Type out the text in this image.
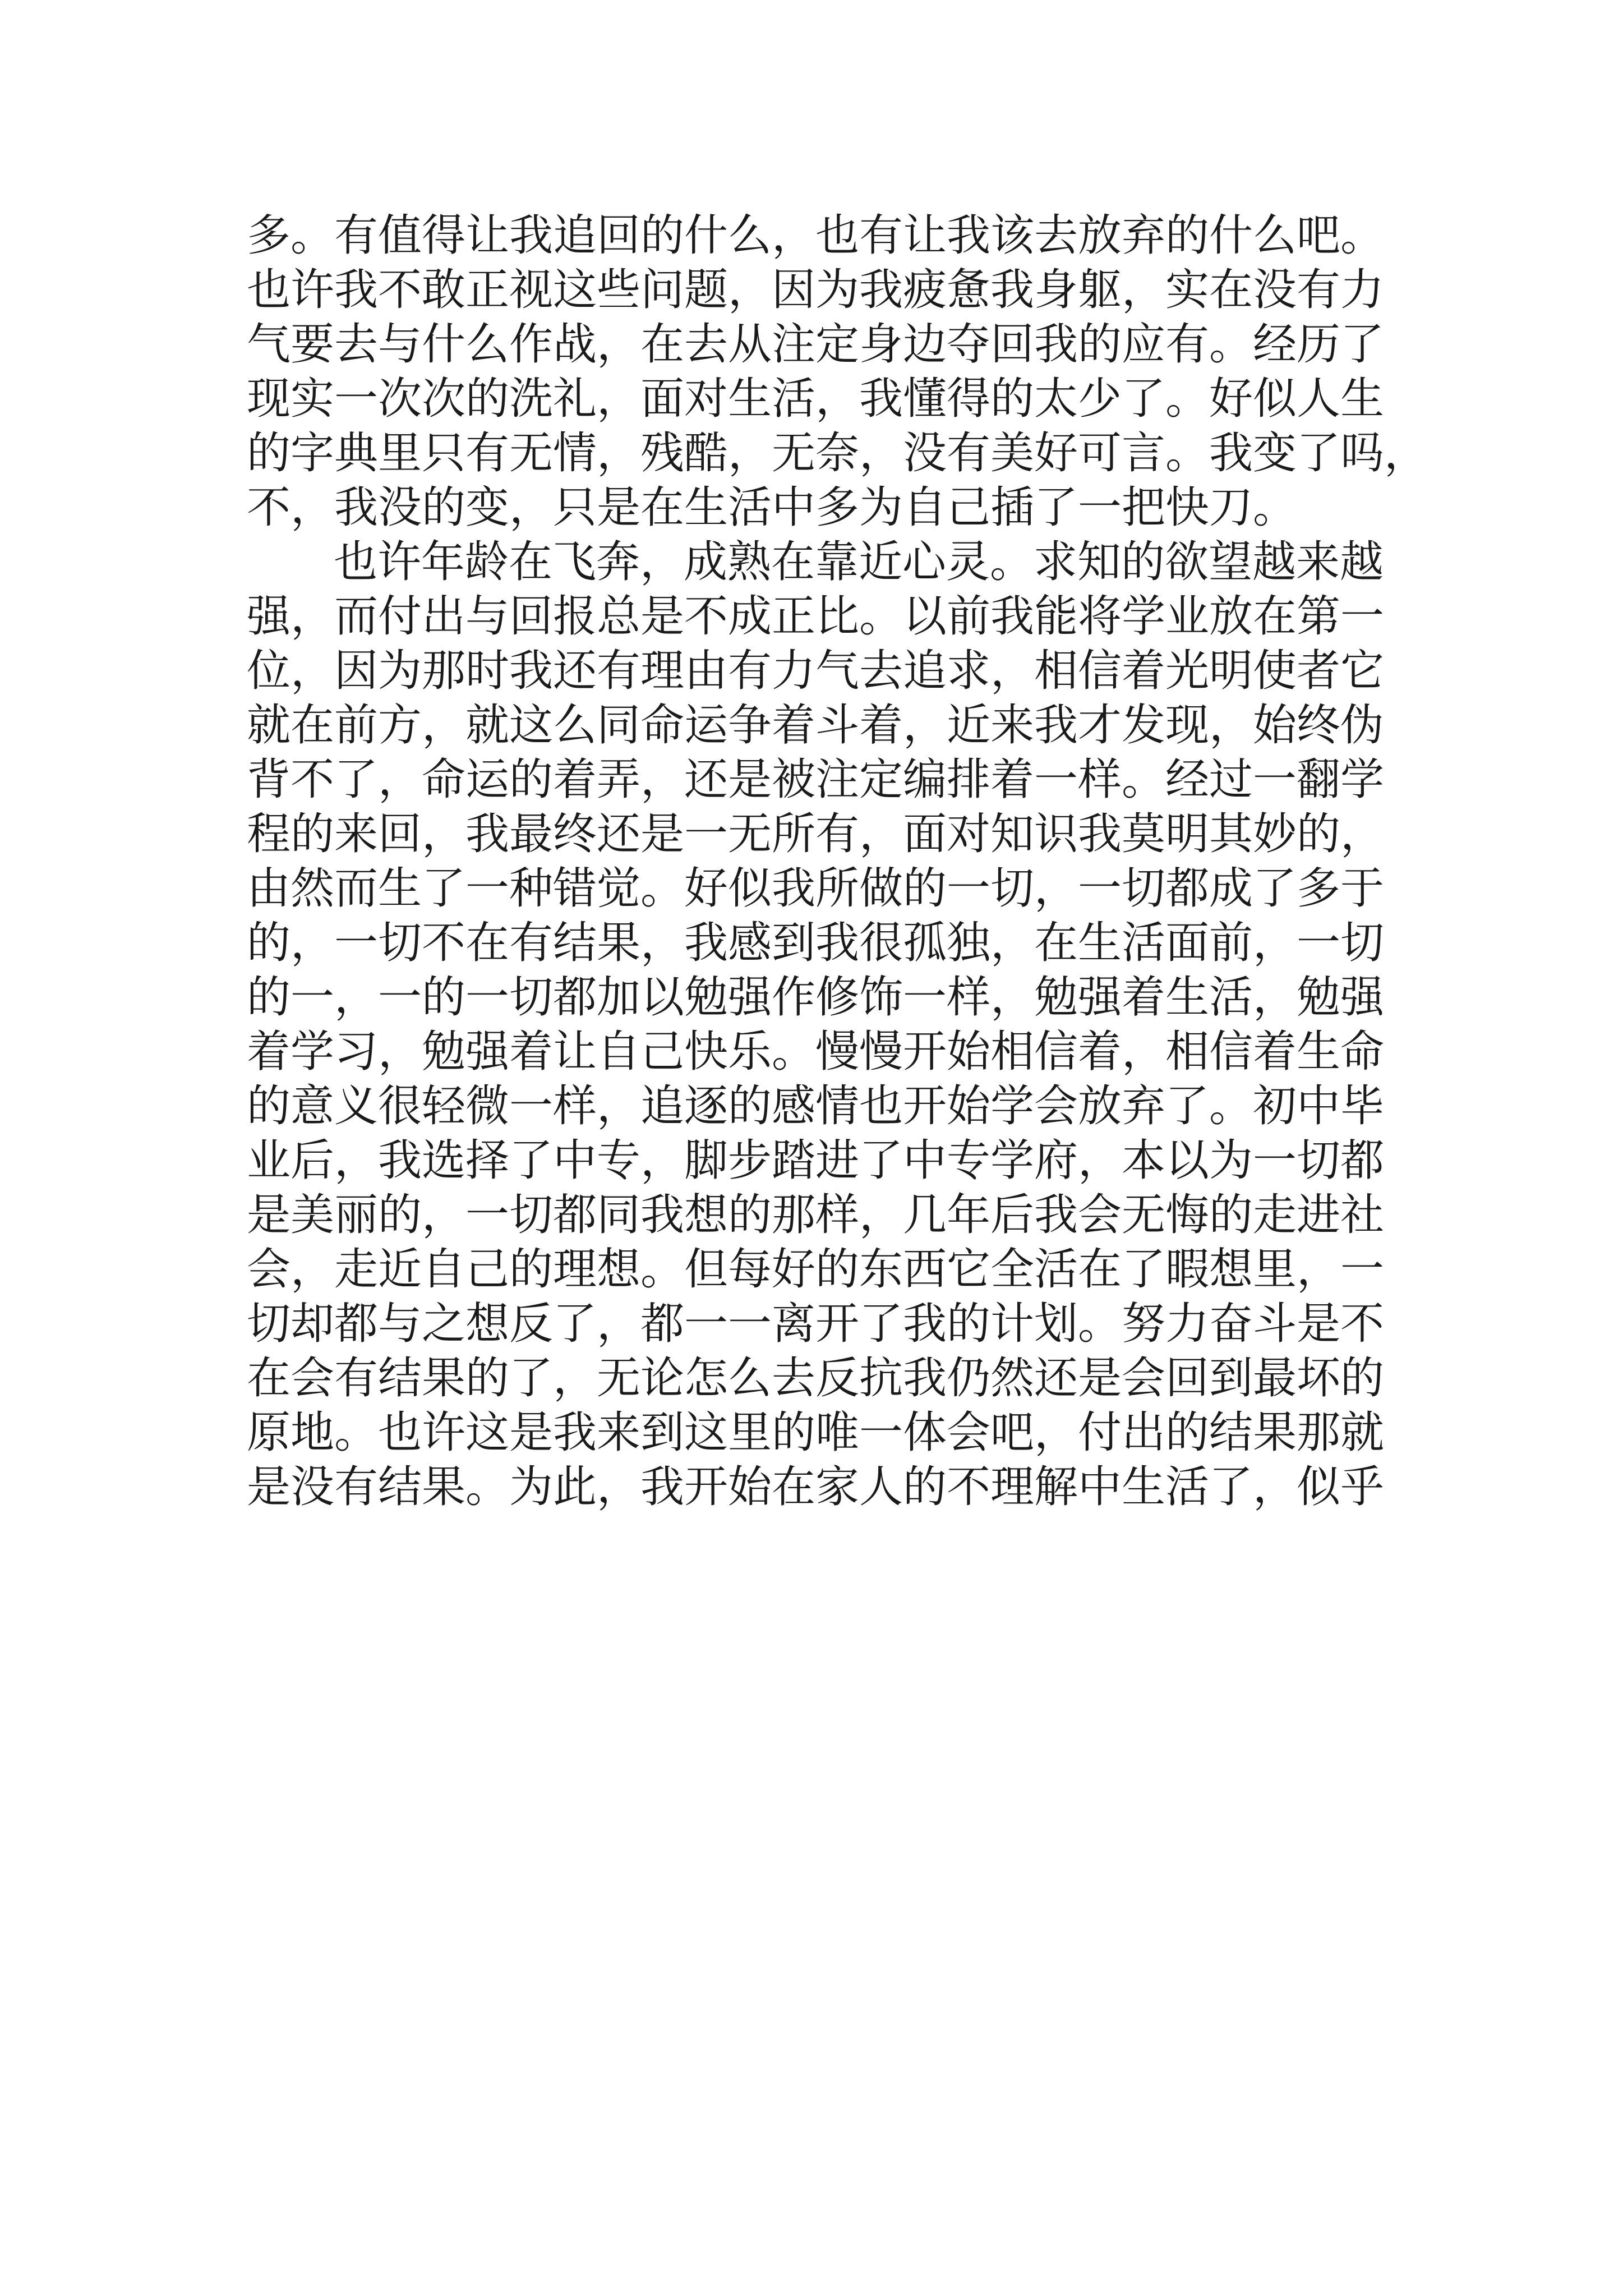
多。有值得让我追回的什么，也有让我该去放弃的什么吧。
也许我不敢正视这些问题，因为我疲惫我身躯，实在没有力
气要去与什么作战，在去从注定身边夺回我的应有。经历了
现实一次次的洗礼，面对生活，我懂得的太少了。好似人生
的字典里只有无情，残酷，无奈，没有美好可言。我变了吗，
不，我没的变，只是在生活中多为自己插了一把快刀。
也许年龄在飞奔，成熟在靠近心灵。求知的欲望越来越
强，而付出与回报总是不成正比。以前我能将学业放在第一
位，因为那时我还有理由有力气去追求，相信着光明使者它
就在前方，就这么同命运争着斗着，近来我才发现，始终伪
背不了，命运的着弄，还是被注定编排着一样。经过一翻学
程的来回，我最终还是一无所有，面对知识我莫明其妙的，
由然而生了一种错觉。好似我所做的一切，一切都成了多于
的，一切不在有结果，我感到我很孤独，在生活面前，一切
的一，一的一切都加以勉强作修饰一样，勉强着生活，勉强
着学习，勉强着让自己快乐。慢慢开始相信着，相信着生命
的意义很轻微一样，追逐的感情也开始学会放弃了。初中毕
业后，我选择了中专，脚步踏进了中专学府，本以为一切都
是美丽的，一切都同我想的那样，几年后我会无悔的走进社
会，走近自己的理想。但每好的东西它全活在了暇想里，一
切却都与之想反了，都一一离开了我的计划。努力奋斗是不
在会有结果的了，无论怎么去反抗我仍然还是会回到最坏的
原地。也许这是我来到这里的唯一体会吧，付出的结果那就
是没有结果。为此，我开始在家人的不理解中生活了，似乎
